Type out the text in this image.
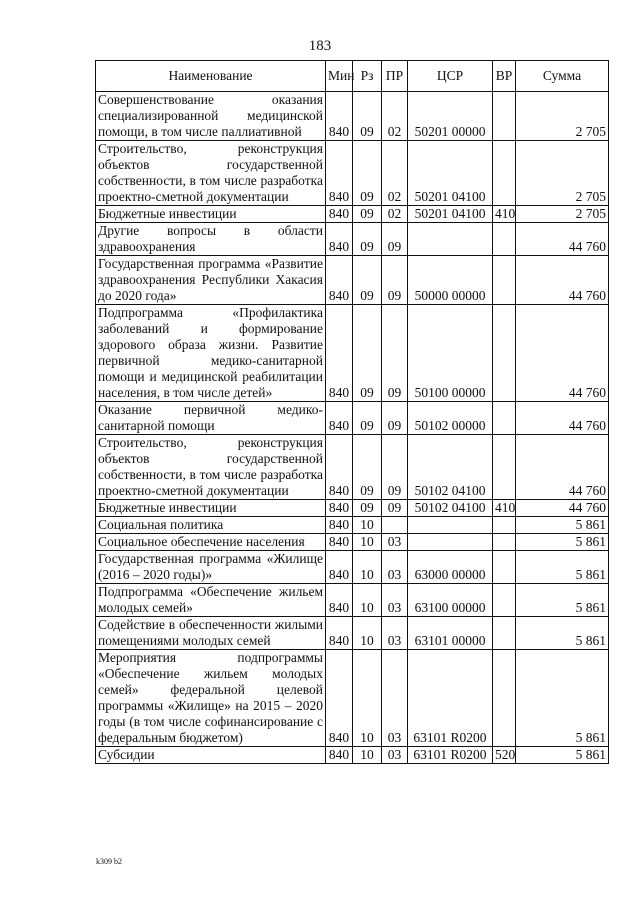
183
Наименование	Мин	Рз	ПР	ЦСР	ВР	Сумма
Совершенствование оказания специализированной медицинской помощи, в том числе паллиативной	840	09	02	50201 00000		2 705
Строительство, реконструкция объектов государственной собственности, в том числе разработка проектно-сметной документации	840	09	02	50201 04100		2 705
Бюджетные инвестиции	840	09	02	50201 04100	410	2 705
Другие вопросы в области здравоохранения	840	09	09			44 760
Государственная программа «Развитие здравоохранения Республики Хакасия до 2020 года»	840	09	09	50000 00000		44 760
Подпрограмма «Профилактика заболеваний и формирование здорового образа жизни. Развитие первичной медико-санитарной помощи и медицинской реабилитации населения, в том числе детей»	840	09	09	50100 00000		44 760
Оказание первичной медико-санитарной помощи	840	09	09	50102 00000		44 760
Строительство, реконструкция объектов государственной собственности, в том числе разработка проектно-сметной документации	840	09	09	50102 04100		44 760
Бюджетные инвестиции	840	09	09	50102 04100	410	44 760
Социальная политика	840	10				5 861
Социальное обеспечение населения	840	10	03			5 861
Государственная программа «Жилище (2016 – 2020 годы)»	840	10	03	63000 00000		5 861
Подпрограмма «Обеспечение жильем молодых семей»	840	10	03	63100 00000		5 861
Содействие в обеспеченности жилыми помещениями молодых семей	840	10	03	63101 00000		5 861
Мероприятия подпрограммы «Обеспечение жильем молодых семей» федеральной целевой программы «Жилище» на 2015 – 2020 годы (в том числе софинансирование с федеральным бюджетом)	840	10	03	63101 R0200		5 861
Субсидии	840	10	03	63101 R0200	520	5 861
k309 b2
